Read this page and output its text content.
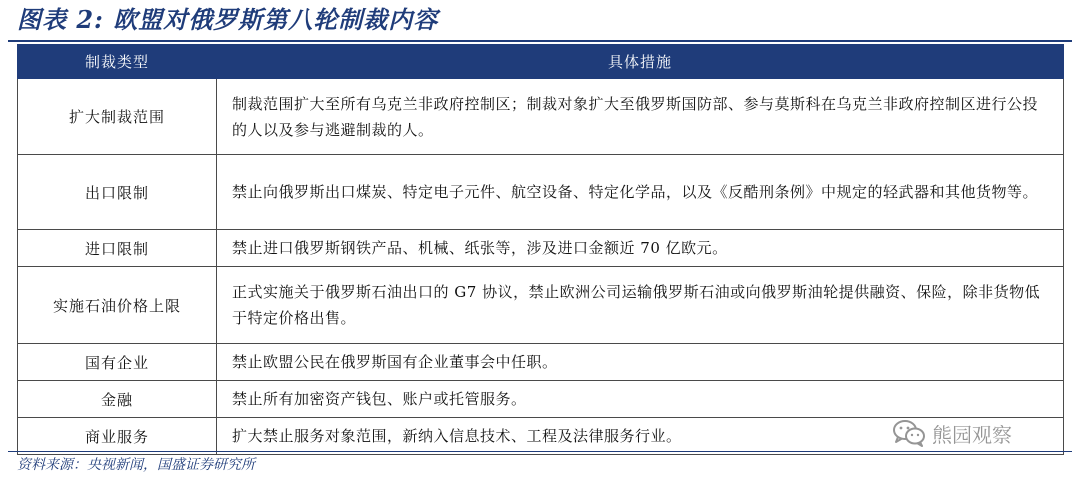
图表 2: 欧盟对俄罗斯第八轮制裁内容
制裁类型	具体措施
扩大制裁范围	制裁范围扩大至所有乌克兰非政府控制区；制裁对象扩大至俄罗斯国防部、参与莫斯科在乌克兰非政府控制区进行公投的人以及参与逃避制裁的人。
出口限制	禁止向俄罗斯出口煤炭、特定电子元件、航空设备、特定化学品，以及《反酷刑条例》中规定的轻武器和其他货物等。
进口限制	禁止进口俄罗斯钢铁产品、机械、纸张等，涉及进口金额近 70 亿欧元。
实施石油价格上限	正式实施关于俄罗斯石油出口的 G7 协议，禁止欧洲公司运输俄罗斯石油或向俄罗斯油轮提供融资、保险，除非货物低于特定价格出售。
国有企业	禁止欧盟公民在俄罗斯国有企业董事会中任职。
金融	禁止所有加密资产钱包、账户或托管服务。
商业服务	扩大禁止服务对象范围，新纳入信息技术、工程及法律服务行业。
资料来源：央视新闻，国盛证券研究所
熊园观察
